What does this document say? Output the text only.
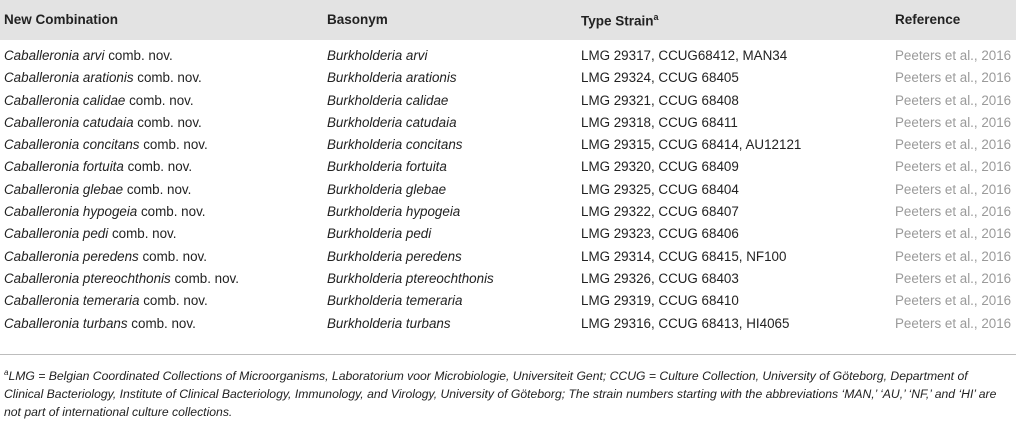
New Combination	Basonym	Type Strain$^a$	Reference
Caballeronia arvi comb. nov.	Burkholderia arvi	LMG 29317, CCUG68412, MAN34	Peeters et al., 2016
Caballeronia arationis comb. nov.	Burkholderia arationis	LMG 29324, CCUG 68405	Peeters et al., 2016
Caballeronia calidae comb. nov.	Burkholderia calidae	LMG 29321, CCUG 68408	Peeters et al., 2016
Caballeronia catudaia comb. nov.	Burkholderia catudaia	LMG 29318, CCUG 68411	Peeters et al., 2016
Caballeronia concitans comb. nov.	Burkholderia concitans	LMG 29315, CCUG 68414, AU12121	Peeters et al., 2016
Caballeronia fortuita comb. nov.	Burkholderia fortuita	LMG 29320, CCUG 68409	Peeters et al., 2016
Caballeronia glebae comb. nov.	Burkholderia glebae	LMG 29325, CCUG 68404	Peeters et al., 2016
Caballeronia hypogeia comb. nov.	Burkholderia hypogeia	LMG 29322, CCUG 68407	Peeters et al., 2016
Caballeronia pedi comb. nov.	Burkholderia pedi	LMG 29323, CCUG 68406	Peeters et al., 2016
Caballeronia peredens comb. nov.	Burkholderia peredens	LMG 29314, CCUG 68415, NF100	Peeters et al., 2016
Caballeronia ptereochthonis comb. nov.	Burkholderia ptereochthonis	LMG 29326, CCUG 68403	Peeters et al., 2016
Caballeronia temeraria comb. nov.	Burkholderia temeraria	LMG 29319, CCUG 68410	Peeters et al., 2016
Caballeronia turbans comb. nov.	Burkholderia turbans	LMG 29316, CCUG 68413, HI4065	Peeters et al., 2016
$^a$LMG = Belgian Coordinated Collections of Microorganisms, Laboratorium voor Microbiologie, Universiteit Gent; CCUG = Culture Collection, University of Göteborg, Department of Clinical Bacteriology, Institute of Clinical Bacteriology, Immunology, and Virology, University of Göteborg; The strain numbers starting with the abbreviations ‘MAN,’ ‘AU,’ ‘NF,’ and ‘HI’ are not part of international culture collections.
